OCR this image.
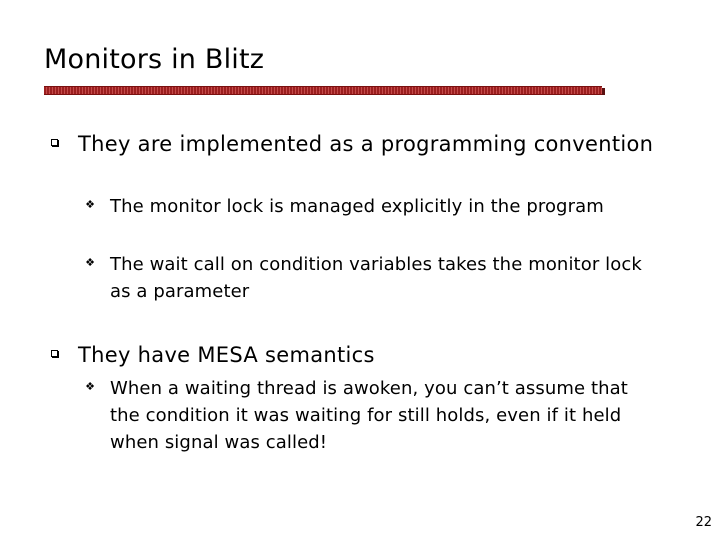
Monitors in Blitz
They are implemented as a programming convention
❖ The monitor lock is managed explicitly in the program
❖ The wait call on condition variables takes the monitor lock as a parameter
They have MESA semantics
❖ When a waiting thread is awoken, you can’t assume that the condition it was waiting for still holds, even if it held when signal was called!
22
